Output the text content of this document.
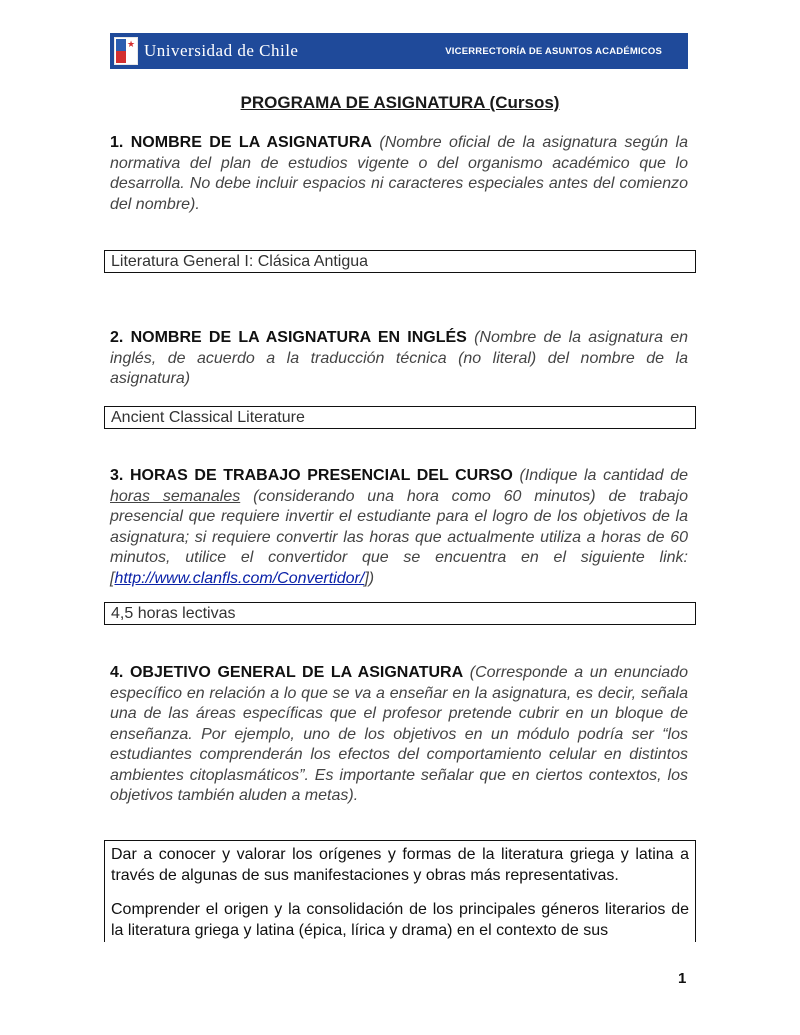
★
Universidad de Chile	VICERRECTORÍA DE ASUNTOS ACADÉMICOS
PROGRAMA DE ASIGNATURA (Cursos)
1. NOMBRE DE LA ASIGNATURA (Nombre oficial de la asignatura según la normativa del plan de estudios vigente o del organismo académico que lo desarrolla. No debe incluir espacios ni caracteres especiales antes del comienzo del nombre).
Literatura General I: Clásica Antigua
2. NOMBRE DE LA ASIGNATURA EN INGLÉS (Nombre de la asignatura en inglés, de acuerdo a la traducción técnica (no literal) del nombre de la asignatura)
Ancient Classical Literature
3. HORAS DE TRABAJO PRESENCIAL DEL CURSO (Indique la cantidad de horas semanales (considerando una hora como 60 minutos) de trabajo presencial que requiere invertir el estudiante para el logro de los objetivos de la asignatura; si requiere convertir las horas que actualmente utiliza a horas de 60 minutos, utilice el convertidor que se encuentra en el siguiente link: [http://www.clanfls.com/Convertidor/])
4,5 horas lectivas
4. OBJETIVO GENERAL DE LA ASIGNATURA (Corresponde a un enunciado específico en relación a lo que se va a enseñar en la asignatura, es decir, señala una de las áreas específicas que el profesor pretende cubrir en un bloque de enseñanza. Por ejemplo, uno de los objetivos en un módulo podría ser “los estudiantes comprenderán los efectos del comportamiento celular en distintos ambientes citoplasmáticos”. Es importante señalar que en ciertos contextos, los objetivos también aluden a metas).

Dar a conocer y valorar los orígenes y formas de la literatura griega y latina a través de algunas de sus manifestaciones y obras más representativas.

Comprender el origen y la consolidación de los principales géneros literarios de la literatura griega y latina (épica, lírica y drama) en el contexto de sus

1
